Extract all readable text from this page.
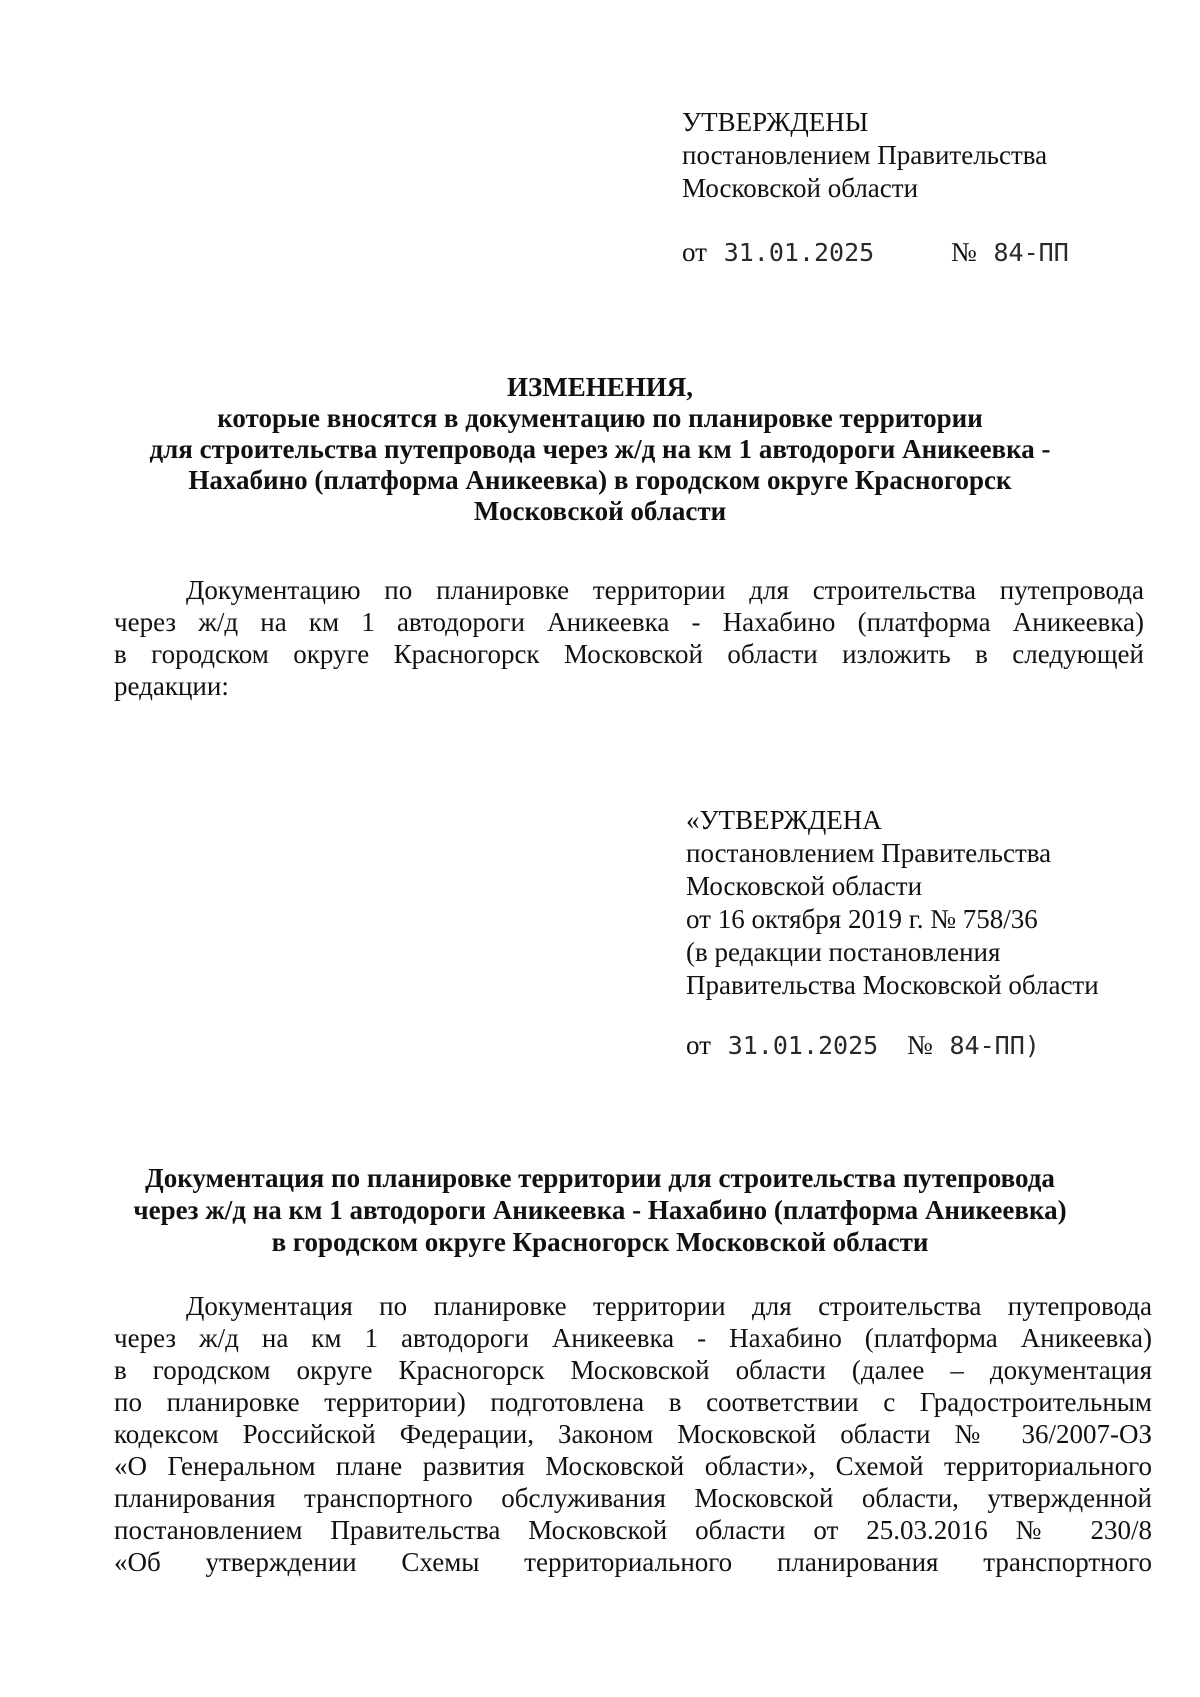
УТВЕРЖДЕНЫ
постановлением Правительства
Московской области
от 31.01.2025	№ 84-ПП
ИЗМЕНЕНИЯ,
которые вносятся в документацию по планировке территории
для строительства путепровода через ж/д на км 1 автодороги Аникеевка -
Нахабино (платформа Аникеевка) в городском округе Красногорск
Московской области
Документацию по планировке территории для строительства путепровода
через ж/д на км 1 автодороги Аникеевка - Нахабино (платформа Аникеевка)
в городском округе Красногорск Московской области изложить в следующей
редакции:
«УТВЕРЖДЕНА
постановлением Правительства
Московской области
от 16 октября 2019 г. № 758/36
(в редакции постановления
Правительства Московской области
от 31.01.2025 № 84-ПП)
Документация по планировке территории для строительства путепровода
через ж/д на км 1 автодороги Аникеевка - Нахабино (платформа Аникеевка)
в городском округе Красногорск Московской области
Документация по планировке территории для строительства путепровода
через ж/д на км 1 автодороги Аникеевка - Нахабино (платформа Аникеевка)
в городском округе Красногорск Московской области (далее – документация
по планировке территории) подготовлена в соответствии с Градостроительным
кодексом Российской Федерации, Законом Московской области № 36/2007-ОЗ
«О Генеральном плане развития Московской области», Схемой территориального
планирования транспортного обслуживания Московской области, утвержденной
постановлением Правительства Московской области от 25.03.2016 № 230/8
«Об утверждении Схемы территориального планирования транспортного
